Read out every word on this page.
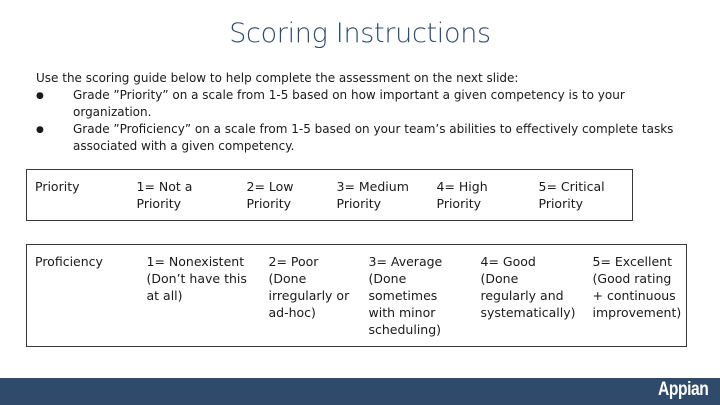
Scoring Instructions
Use the scoring guide below to help complete the assessment on the next slide:
Grade ”Priority” on a scale from 1-5 based on how important a given competency is to your organization.
Grade ”Proficiency” on a scale from 1-5 based on your team’s abilities to effectively complete tasks associated with a given competency.
Priority	1= Not a Priority	2= Low Priority	3= Medium Priority	4= High Priority	5= Critical Priority
Proficiency	1= Nonexistent (Don’t have this at all)	2= Poor (Done irregularly or ad-hoc)	3= Average (Done sometimes with minor scheduling)	4= Good (Done regularly and systematically)	5= Excellent (Good rating + continuous improvement)
Appian
